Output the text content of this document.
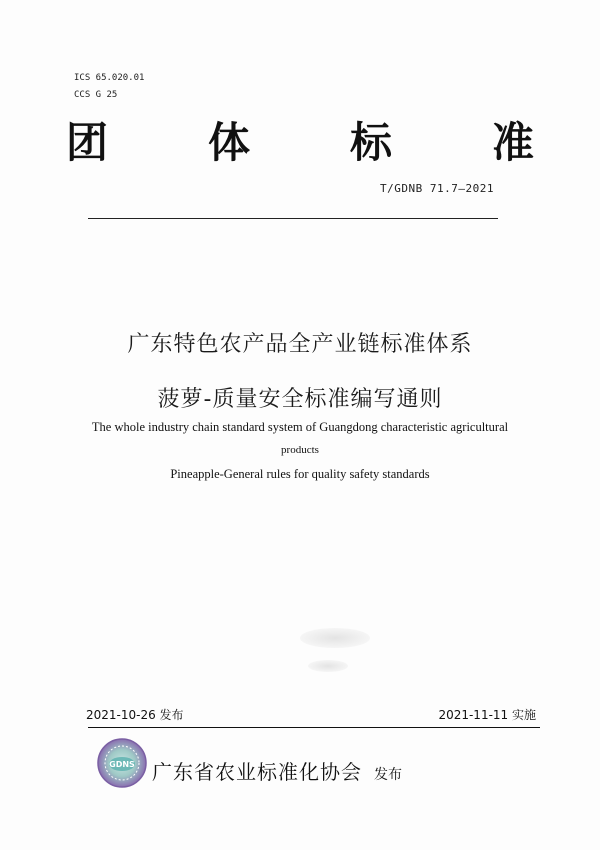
ICS 65.020.01
CCS G 25
团 体 标 准
T/GDNB 71.7—2021
广东特色农产品全产业链标准体系
菠萝-质量安全标准编写通则
The whole industry chain standard system of Guangdong characteristic agricultural
products
Pineapple-General rules for quality safety standards
2021-10-26 发布	2021-11-11 实施
GDNS 广东省农业标准化协会 发布
